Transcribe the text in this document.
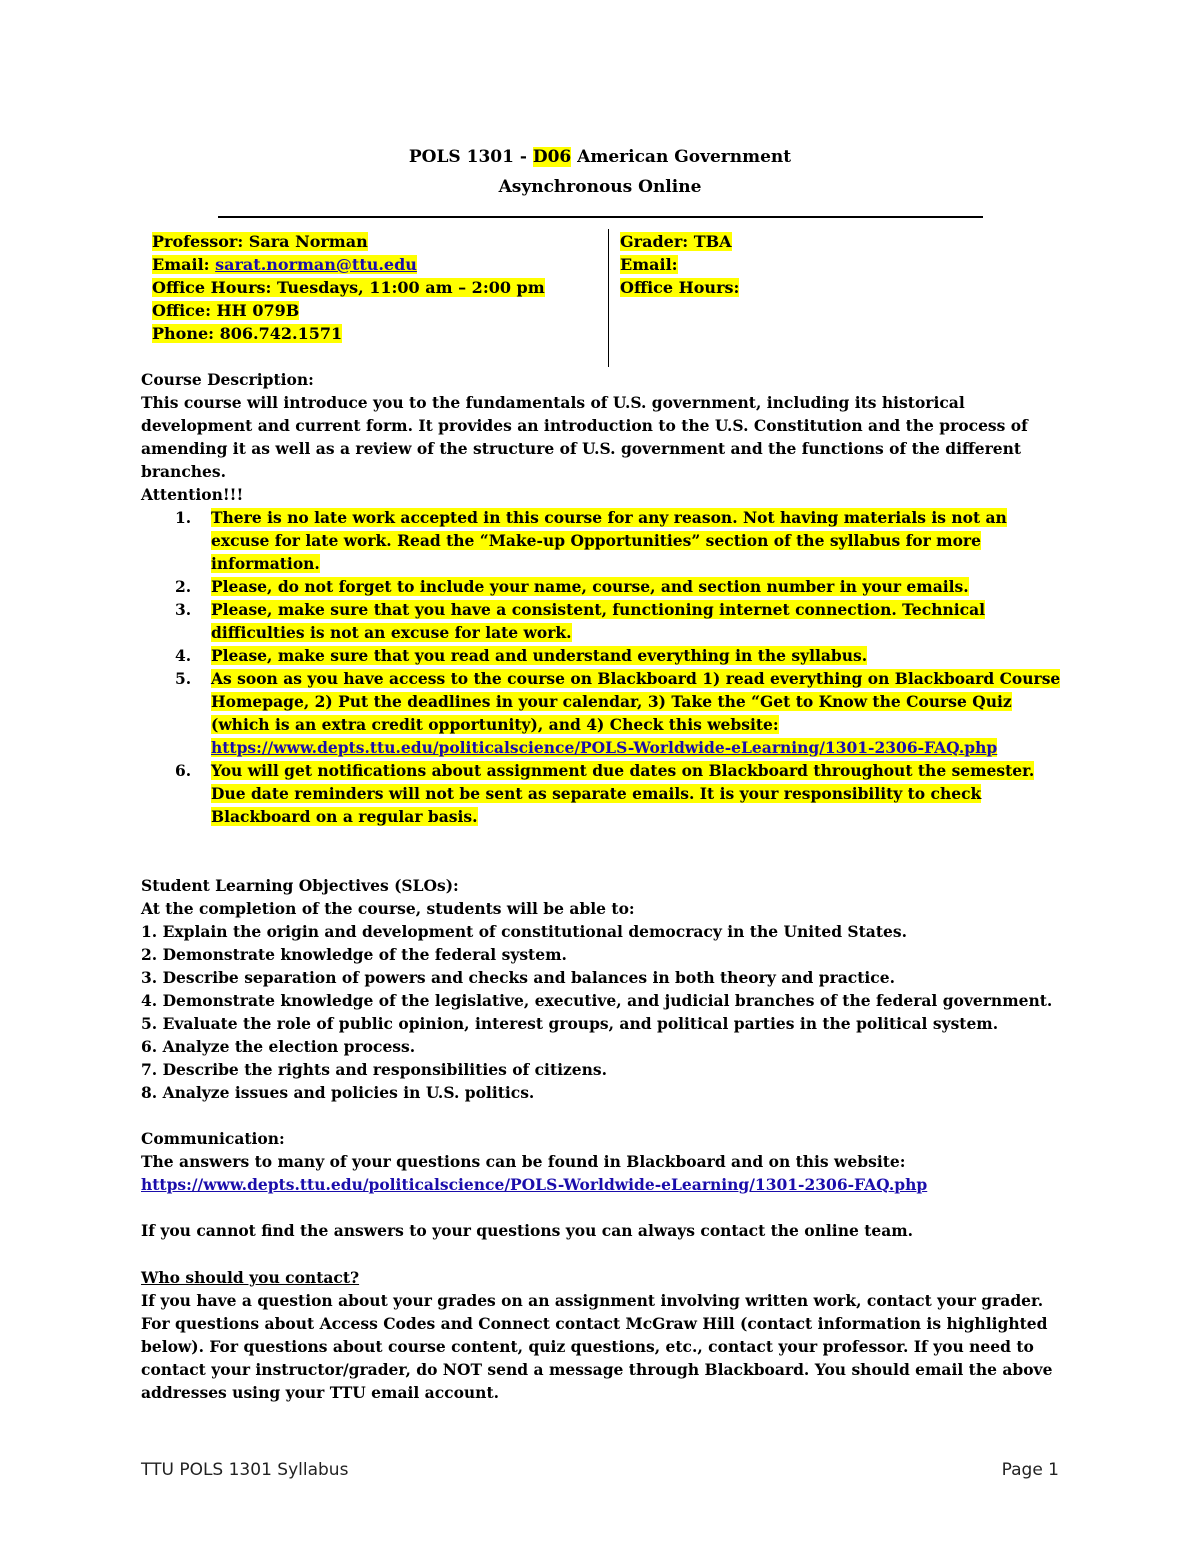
POLS 1301 - D06 American Government
Asynchronous Online
Professor: Sara Norman
Email: sarat.norman@ttu.edu
Office Hours: Tuesdays, 11:00 am – 2:00 pm
Office: HH 079B
Phone: 806.742.1571
Grader: TBA
Email:
Office Hours:

Course Description:

This course will introduce you to the fundamentals of U.S. government, including its historical development and current form. It provides an introduction to the U.S. Constitution and the process of amending it as well as a review of the structure of U.S. government and the functions of the different branches.

Attention!!!

1. There is no late work accepted in this course for any reason. Not having materials is not an excuse for late work. Read the “Make-up Opportunities” section of the syllabus for more information.
2. Please, do not forget to include your name, course, and section number in your emails.
3. Please, make sure that you have a consistent, functioning internet connection. Technical difficulties is not an excuse for late work.
4. Please, make sure that you read and understand everything in the syllabus.
5. As soon as you have access to the course on Blackboard 1) read everything on Blackboard Course Homepage, 2) Put the deadlines in your calendar, 3) Take the “Get to Know the Course Quiz (which is an extra credit opportunity), and 4) Check this website: https://www.depts.ttu.edu/politicalscience/POLS-Worldwide-eLearning/1301-2306-FAQ.php
6. You will get notifications about assignment due dates on Blackboard throughout the semester. Due date reminders will not be sent as separate emails. It is your responsibility to check Blackboard on a regular basis.

Student Learning Objectives (SLOs):

At the completion of the course, students will be able to:

1. Explain the origin and development of constitutional democracy in the United States.

2. Demonstrate knowledge of the federal system.

3. Describe separation of powers and checks and balances in both theory and practice.

4. Demonstrate knowledge of the legislative, executive, and judicial branches of the federal government.

5. Evaluate the role of public opinion, interest groups, and political parties in the political system.

6. Analyze the election process.

7. Describe the rights and responsibilities of citizens.

8. Analyze issues and policies in U.S. politics.

Communication:

The answers to many of your questions can be found in Blackboard and on this website:

https://www.depts.ttu.edu/politicalscience/POLS-Worldwide-eLearning/1301-2306-FAQ.php

If you cannot find the answers to your questions you can always contact the online team.

Who should you contact?

If you have a question about your grades on an assignment involving written work, contact your grader. For questions about Access Codes and Connect contact McGraw Hill (contact information is highlighted below). For questions about course content, quiz questions, etc., contact your professor. If you need to contact your instructor/grader, do NOT send a message through Blackboard. You should email the above addresses using your TTU email account.

TTU POLS 1301 Syllabus	Page 1
